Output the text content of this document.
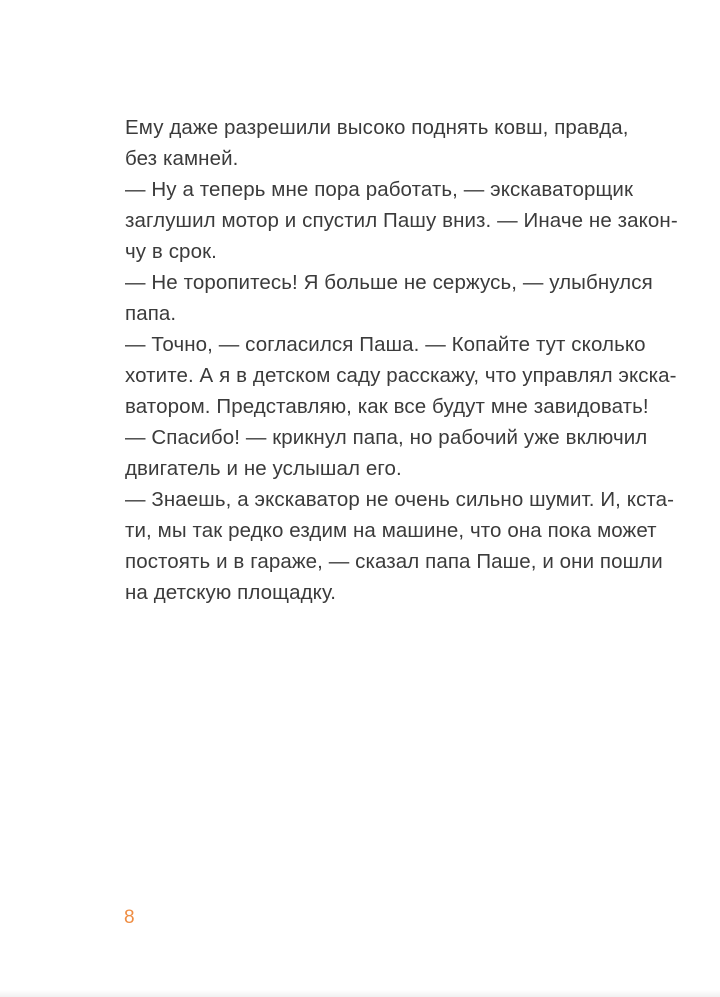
Ему даже разрешили высоко поднять ковш, правда,
без камней.
— Ну а теперь мне пора работать, — экскаваторщик
заглушил мотор и спустил Пашу вниз. — Иначе не закон-
чу в срок.
— Не торопитесь! Я больше не сержусь, — улыбнулся
папа.
— Точно, — согласился Паша. — Копайте тут сколько
хотите. А я в детском саду расскажу, что управлял экска-
ватором. Представляю, как все будут мне завидовать!
— Спасибо! — крикнул папа, но рабочий уже включил
двигатель и не услышал его.
— Знаешь, а экскаватор не очень сильно шумит. И, кста-
ти, мы так редко ездим на машине, что она пока может
постоять и в гараже, — сказал папа Паше, и они пошли
на детскую площадку.
8
